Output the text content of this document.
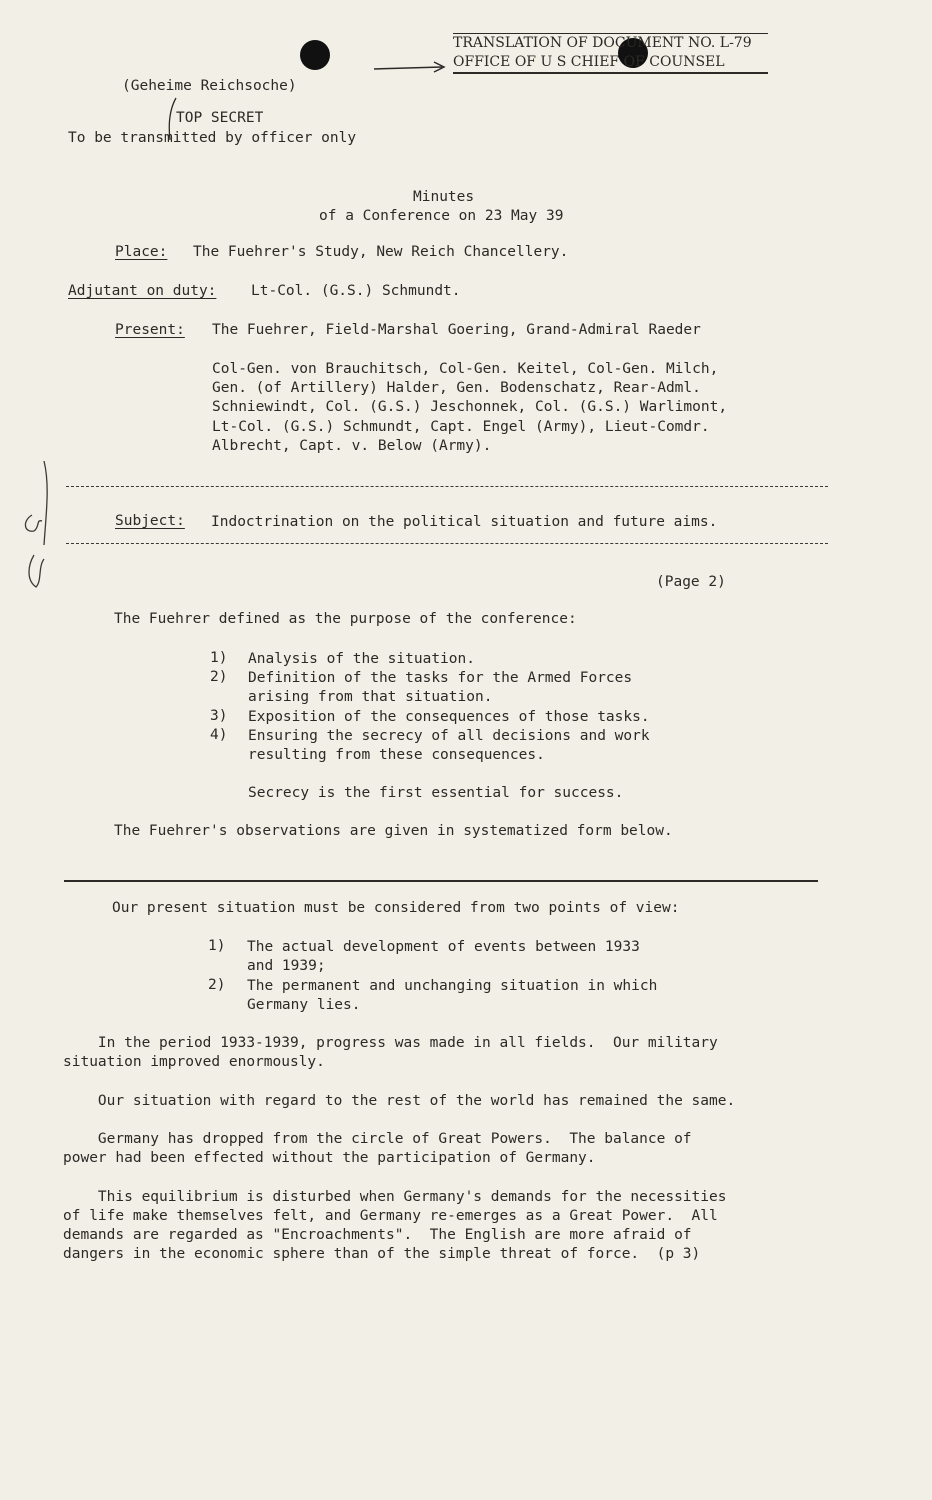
TRANSLATION OF DOCUMENT NO. L-79
OFFICE OF U S CHIEF OF COUNSEL
(Geheime Reichsoche)
TOP SECRET
To be transmitted by officer only
Minutes
of a Conference on 23 May 39
Place: The Fuehrer's Study, New Reich Chancellery.
Adjutant on duty: Lt-Col. (G.S.) Schmundt.
Present: The Fuehrer, Field-Marshal Goering, Grand-Admiral Raeder
Col-Gen. von Brauchitsch, Col-Gen. Keitel, Col-Gen. Milch,
Gen. (of Artillery) Halder, Gen. Bodenschatz, Rear-Adml.
Schniewindt, Col. (G.S.) Jeschonnek, Col. (G.S.) Warlimont,
Lt-Col. (G.S.) Schmundt, Capt. Engel (Army), Lieut-Comdr.
Albrecht, Capt. v. Below (Army).
Subject: Indoctrination on the political situation and future aims.
(Page 2)
The Fuehrer defined as the purpose of the conference:
1) Analysis of the situation.
2) Definition of the tasks for the Armed Forces
arising from that situation.
3) Exposition of the consequences of those tasks.
4) Ensuring the secrecy of all decisions and work
resulting from these consequences.
Secrecy is the first essential for success.
The Fuehrer's observations are given in systematized form below.
Our present situation must be considered from two points of view:
1) The actual development of events between 1933
and 1939;
2) The permanent and unchanging situation in which
Germany lies.
In the period 1933-1939, progress was made in all fields.  Our military
situation improved enormously.
Our situation with regard to the rest of the world has remained the same.
Germany has dropped from the circle of Great Powers.  The balance of
power had been effected without the participation of Germany.
This equilibrium is disturbed when Germany's demands for the necessities
of life make themselves felt, and Germany re-emerges as a Great Power.  All
demands are regarded as "Encroachments".  The English are more afraid of
dangers in the economic sphere than of the simple threat of force.  (p 3)
